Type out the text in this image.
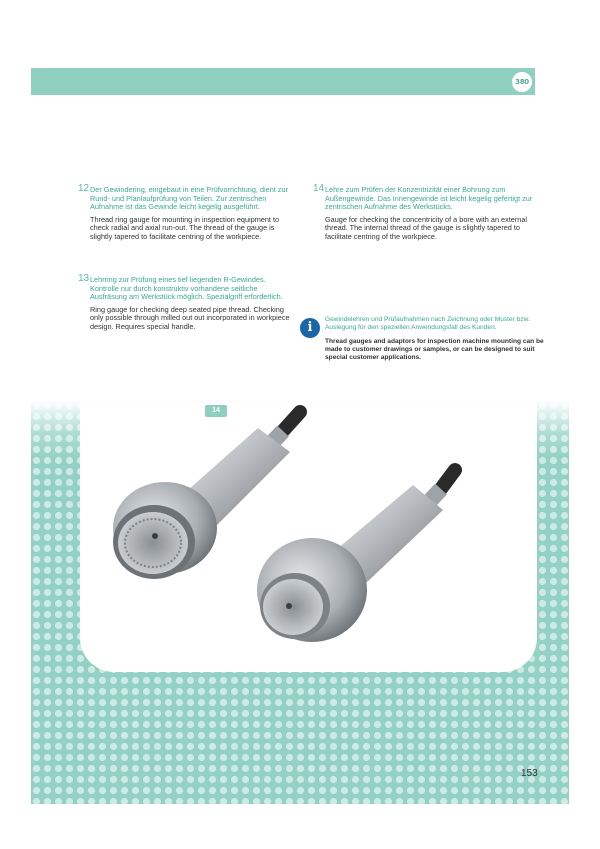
380
12 Der Gewindering, eingebaut in eine Prüfvorrichtung, dient zur Rund- und Planlaufprüfung von Teilen. Zur zentrischen Aufnahme ist das Gewinde leicht kegelig ausgeführt.
Thread ring gauge for mounting in inspection equipment to check radial and axial run-out. The thread of the gauge is slightly tapered to facilitate centring of the workpiece.
13 Lehrring zur Prüfung eines tief liegenden R-Gewindes. Kontrolle nur durch konstruktiv vorhandene seitliche Ausfräsung am Werkstück möglich. Spezialgriff erforderlich.
Ring gauge for checking deep seated pipe thread. Checking only possible through milled out out incorporated in workpiece design. Requires special handle.
14 Lehre zum Prüfen der Konzentrizität einer Bohrung zum Außengewinde. Das Innengewinde ist leicht kegelig gefertigt zur zentrischen Aufnahme des Werkstücks.
Gauge for checking the concentricity of a bore with an external thread. The internal thread of the gauge is slightly tapered to facilitate centring of the workpiece.
i
Gewindelehren und Prüfaufnahmen nach Zeichnung oder Muster bzw. Auslegung für den speziellen Anwendungsfall des Kunden.
Thread gauges and adaptors for inspection machine mounting can be made to customer drawings or samples, or can be designed to suit special customer applications.
14
153
